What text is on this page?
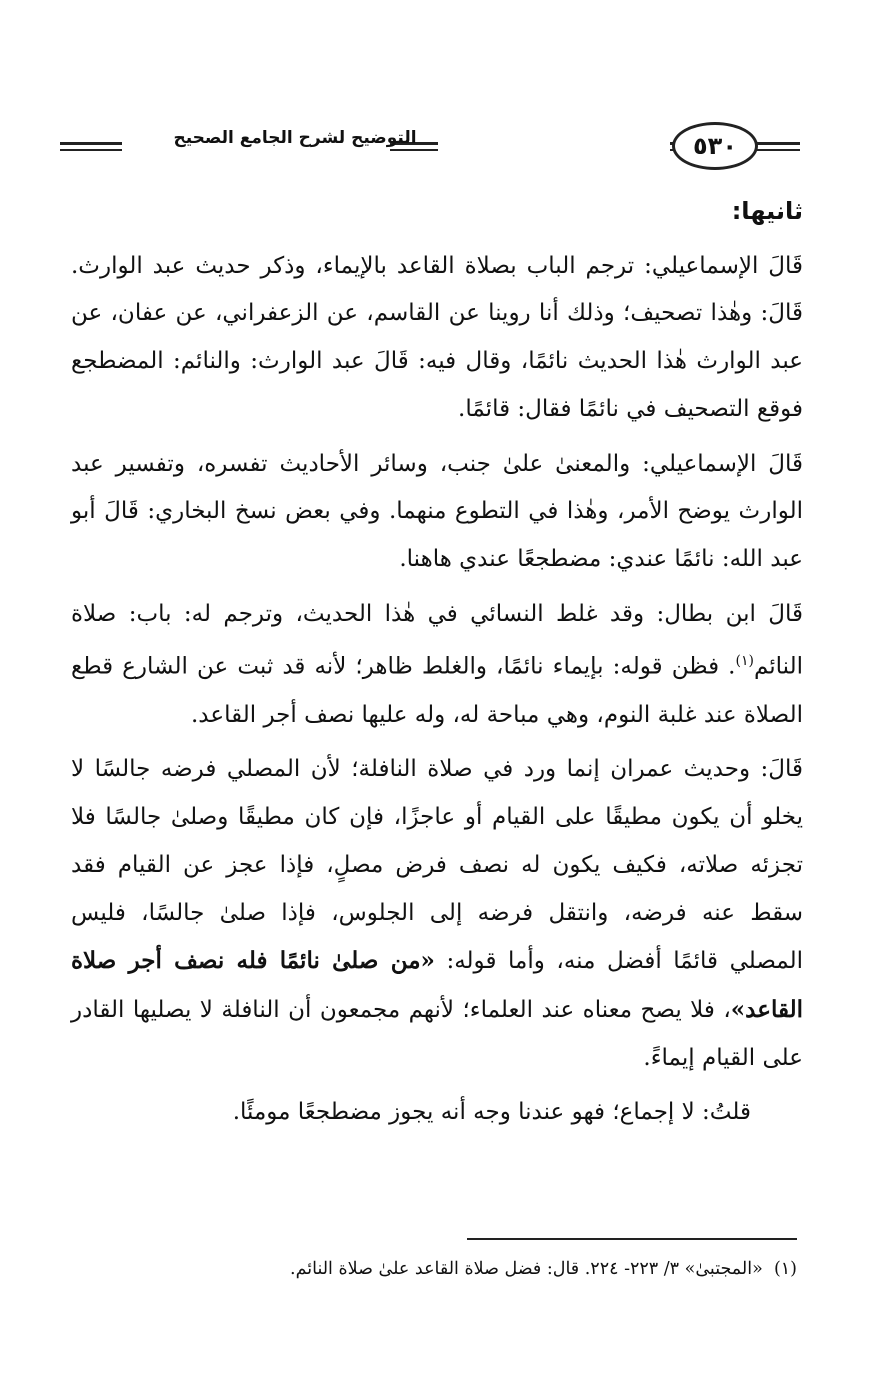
التوضيح لشرح الجامع الصحيح	٥٣٠

ثانيها:

قَالَ الإسماعيلي: ترجم الباب بصلاة القاعد بالإيماء، وذكر حديث عبد الوارث. قَالَ: وهٰذا تصحيف؛ وذلك أنا روينا عن القاسم، عن الزعفراني، عن عفان، عن عبد الوارث هٰذا الحديث نائمًا، وقال فيه: قَالَ عبد الوارث: والنائم: المضطجع فوقع التصحيف في نائمًا فقال: قائمًا.

قَالَ الإسماعيلي: والمعنىٰ علىٰ جنب، وسائر الأحاديث تفسره، وتفسير عبد الوارث يوضح الأمر، وهٰذا في التطوع منهما. وفي بعض نسخ البخاري: قَالَ أبو عبد الله: نائمًا عندي: مضطجعًا عندي هاهنا.

قَالَ ابن بطال: وقد غلط النسائي في هٰذا الحديث، وترجم له: باب: صلاة النائم$^{(١)}$. فظن قوله: بإيماء نائمًا، والغلط ظاهر؛ لأنه قد ثبت عن الشارع قطع الصلاة عند غلبة النوم، وهي مباحة له، وله عليها نصف أجر القاعد.

قَالَ: وحديث عمران إنما ورد في صلاة النافلة؛ لأن المصلي فرضه جالسًا لا يخلو أن يكون مطيقًا على القيام أو عاجزًا، فإن كان مطيقًا وصلىٰ جالسًا فلا تجزئه صلاته، فكيف يكون له نصف فرض مصلٍ، فإذا عجز عن القيام فقد سقط عنه فرضه، وانتقل فرضه إلى الجلوس، فإذا صلىٰ جالسًا، فليس المصلي قائمًا أفضل منه، وأما قوله: «من صلىٰ نائمًا فله نصف أجر صلاة القاعد»، فلا يصح معناه عند العلماء؛ لأنهم مجمعون أن النافلة لا يصليها القادر على القيام إيماءً.

قلتُ: لا إجماع؛ فهو عندنا وجه أنه يجوز مضطجعًا مومئًا.

(١)  «المجتبىٰ» ٣/ ٢٢٣- ٢٢٤. قال: فضل صلاة القاعد علىٰ صلاة النائم.
